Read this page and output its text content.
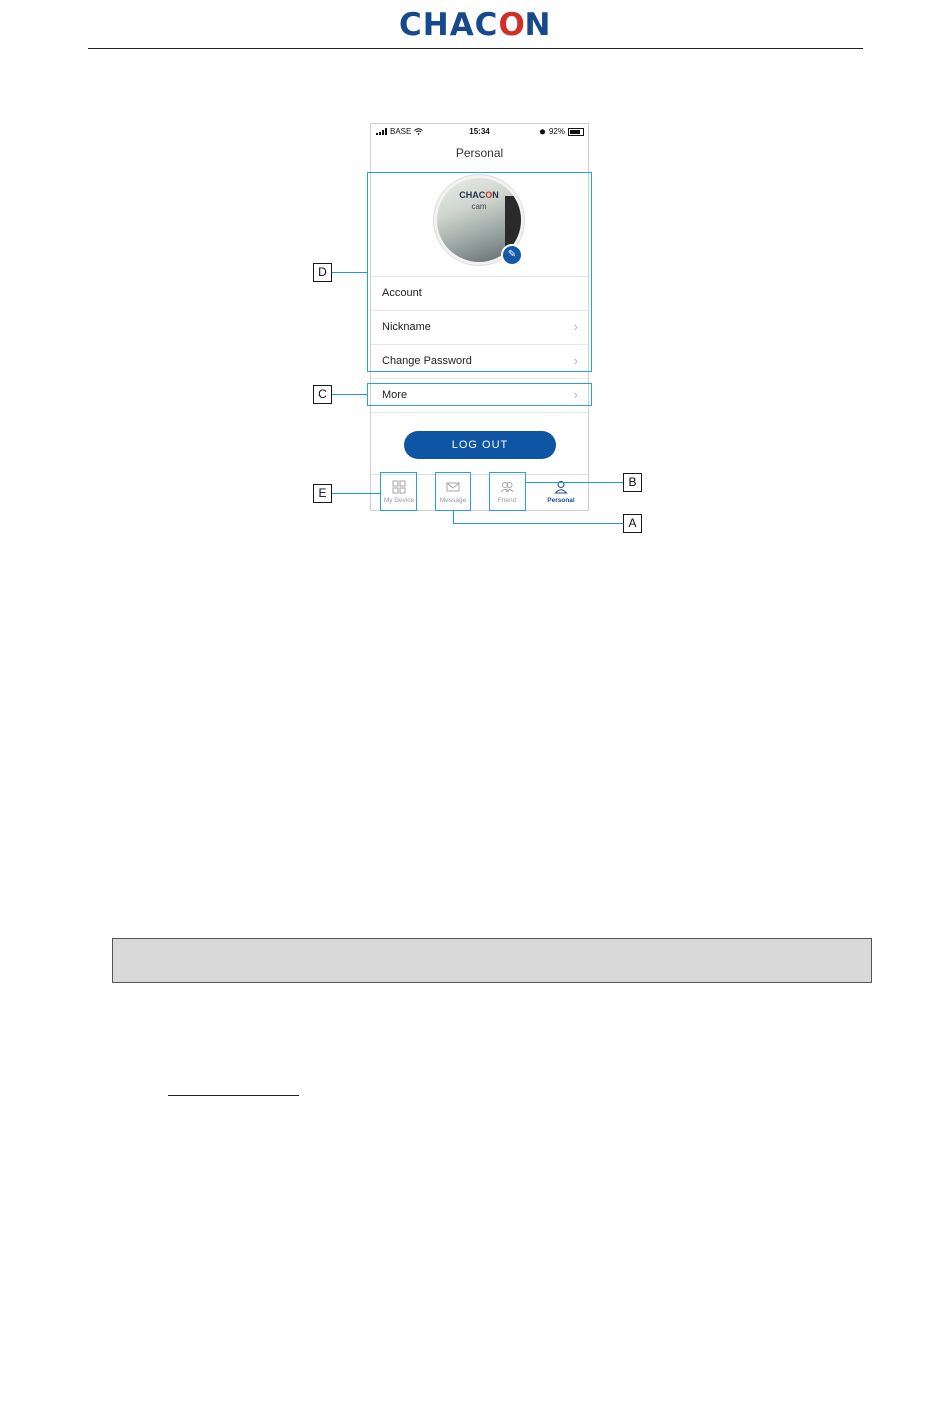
CHAC O
N
BASE	15:34	92%
Personal
CHACON
cam
✎
Account
Nickname	›
Change Password	›
More	›
LOG OUT
My Device	Message	Friend	Personal
D
C
E
B
A
